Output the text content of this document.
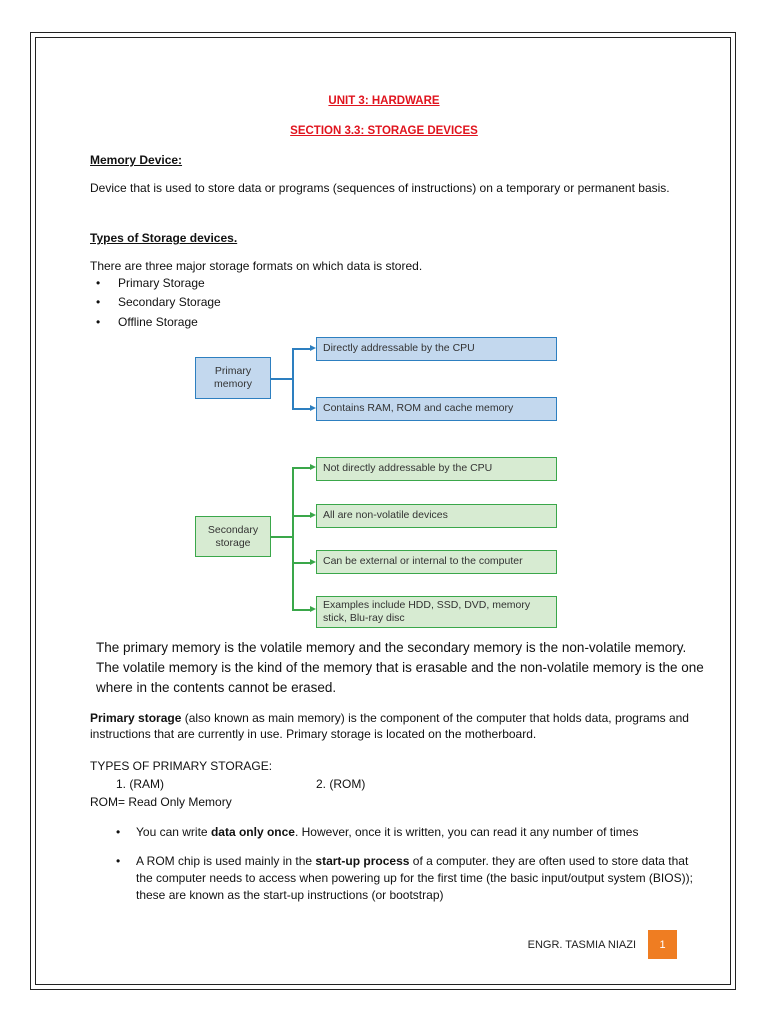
UNIT 3: HARDWARE
SECTION 3.3: STORAGE DEVICES
Memory Device:
Device that is used to store data or programs (sequences of instructions) on a temporary or permanent basis.
Types of Storage devices.
There are three major storage formats on which data is stored.
• Primary Storage
• Secondary Storage
• Offline Storage
Primary memory
Directly addressable by the CPU
Contains RAM, ROM and cache memory
Secondary storage
Not directly addressable by the CPU
All are non-volatile devices
Can be external or internal to the computer
Examples include HDD, SSD, DVD, memory stick, Blu-ray disc
The primary memory is the volatile memory and the secondary memory is the non-volatile memory. The volatile memory is the kind of the memory that is erasable and the non-volatile memory is the one where in the contents cannot be erased.
Primary storage (also known as main memory) is the component of the computer that holds data, programs and instructions that are currently in use. Primary storage is located on the motherboard.
TYPES OF PRIMARY STORAGE:
1. (RAM)	2. (ROM)
ROM= Read Only Memory
• You can write data only once. However, once it is written, you can read it any number of times
• A ROM chip is used mainly in the start-up process of a computer. they are often used to store data that the computer needs to access when powering up for the first time (the basic input/output system (BIOS)); these are known as the start-up instructions (or bootstrap)
ENGR. TASMIA NIAZI	1
